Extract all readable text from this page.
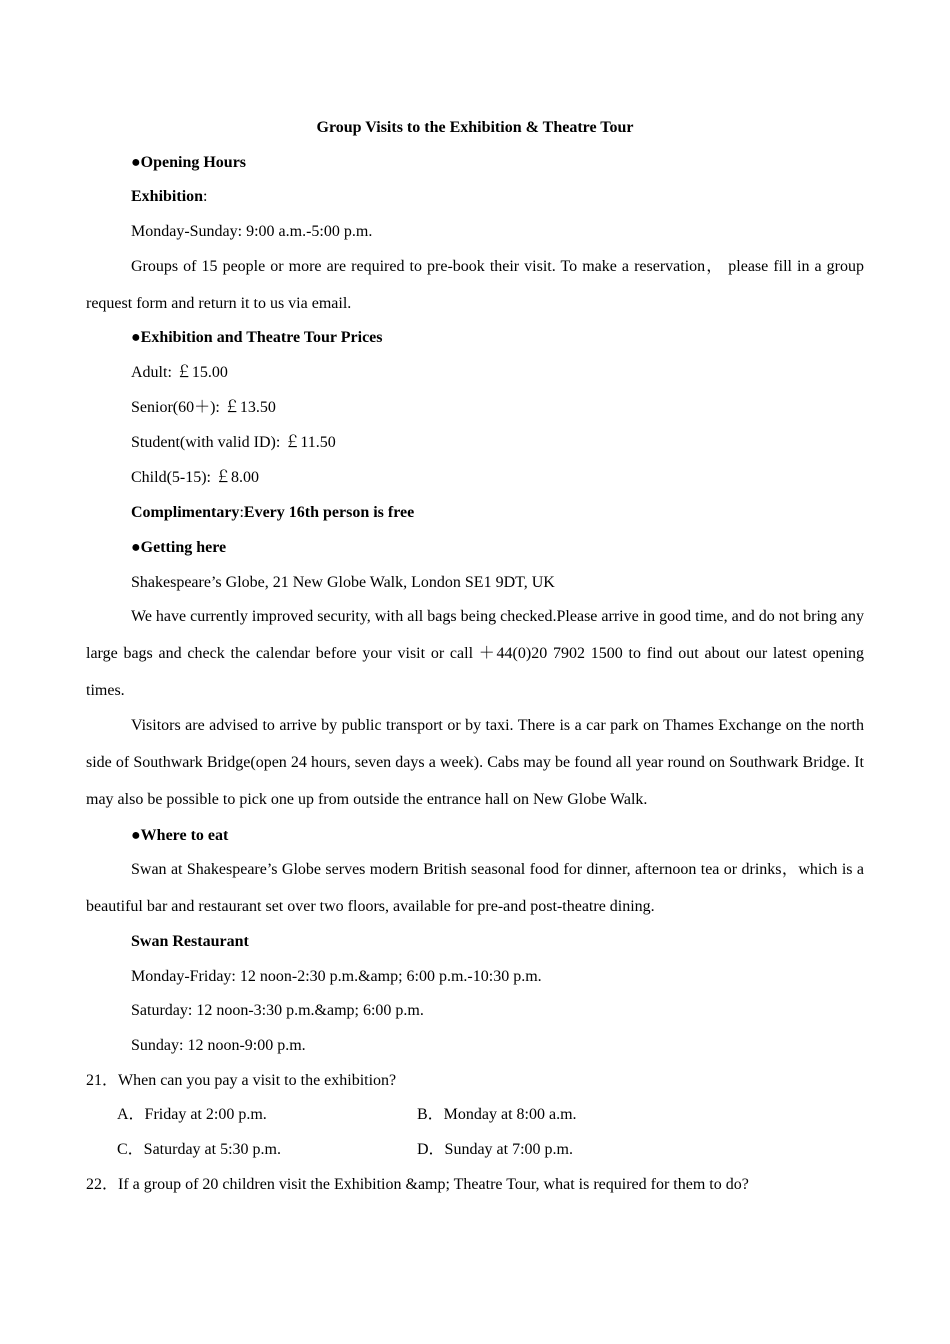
Group Visits to the Exhibition & Theatre Tour
●Opening Hours
Exhibition:
Monday-Sunday: 9:00 a.m.-5:00 p.m.
Groups of 15 people or more are required to pre-book their visit. To make a reservation， please fill in a group request form and return it to us via email.
●Exhibition and Theatre Tour Prices
Adult: ￡15.00
Senior(60＋): ￡13.50
Student(with valid ID): ￡11.50
Child(5-15): ￡8.00
Complimentary:Every 16th person is free
●Getting here
Shakespeare’s Globe, 21 New Globe Walk, London SE1 9DT, UK
We have currently improved security, with all bags being checked.Please arrive in good time, and do not bring any large bags and check the calendar before your visit or call ＋44(0)20 7902 1500 to find out about our latest opening times.
Visitors are advised to arrive by public transport or by taxi. There is a car park on Thames Exchange on the north side of Southwark Bridge(open 24 hours, seven days a week). Cabs may be found all year round on Southwark Bridge. It may also be possible to pick one up from outside the entrance hall on New Globe Walk.
●Where to eat
Swan at Shakespeare’s Globe serves modern British seasonal food for dinner, afternoon tea or drinks，which is a beautiful bar and restaurant set over two floors, available for pre-and post-theatre dining.
Swan Restaurant
Monday-Friday: 12 noon-2:30 p.m.&amp; 6:00 p.m.-10:30 p.m.
Saturday: 12 noon-3:30 p.m.&amp; 6:00 p.m.
Sunday: 12 noon-9:00 p.m.
21．When can you pay a visit to the exhibition?
A．Friday at 2:00 p.m.	B．Monday at 8:00 a.m.
C．Saturday at 5:30 p.m.	D．Sunday at 7:00 p.m.
22．If a group of 20 children visit the Exhibition &amp; Theatre Tour, what is required for them to do?
